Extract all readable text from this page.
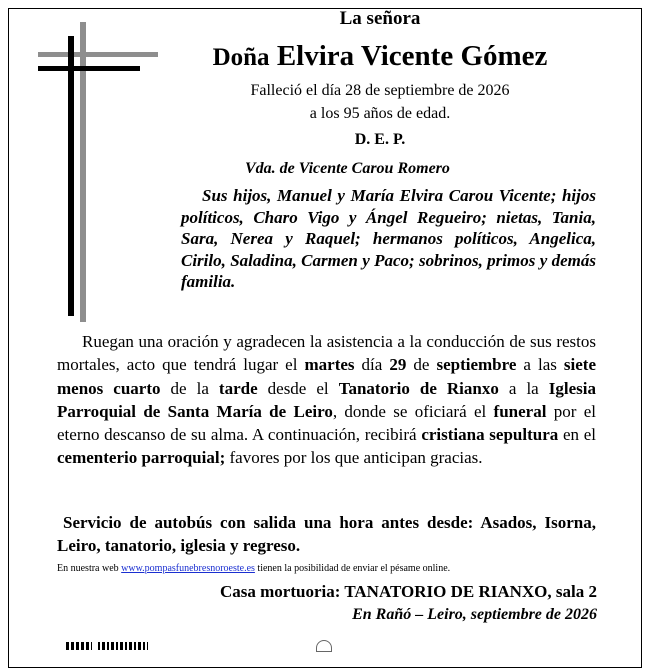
La señora
Doña Elvira Vicente Gómez
Falleció el día 28 de septiembre de 2026
a los 95 años de edad.
D. E. P.
Vda. de Vicente Carou Romero
Sus hijos, Manuel y María Elvira Carou Vicente; hijos políticos, Charo Vigo y Ángel Regueiro; nietas, Tania, Sara, Nerea y Raquel; hermanos políticos, Angelica, Cirilo, Saladina, Carmen y Paco; sobrinos, primos y demás familia.
Ruegan una oración y agradecen la asistencia a la conducción de sus restos mortales, acto que tendrá lugar el martes día 29 de septiembre a las siete menos cuarto de la tarde desde el Tanatorio de Rianxo a la Iglesia Parroquial de Santa María de Leiro, donde se oficiará el funeral por el eterno descanso de su alma. A continuación, recibirá cristiana sepultura en el cementerio parroquial; favores por los que anticipan gracias.
Servicio de autobús con salida una hora antes desde: Asados, Isorna, Leiro, tanatorio, iglesia y regreso.
En nuestra web www.pompasfunebresnoroeste.es tienen la posibilidad de enviar el pésame online.
Casa mortuoria: TANATORIO DE RIANXO, sala 2
En Rañó – Leiro, septiembre de 2026
